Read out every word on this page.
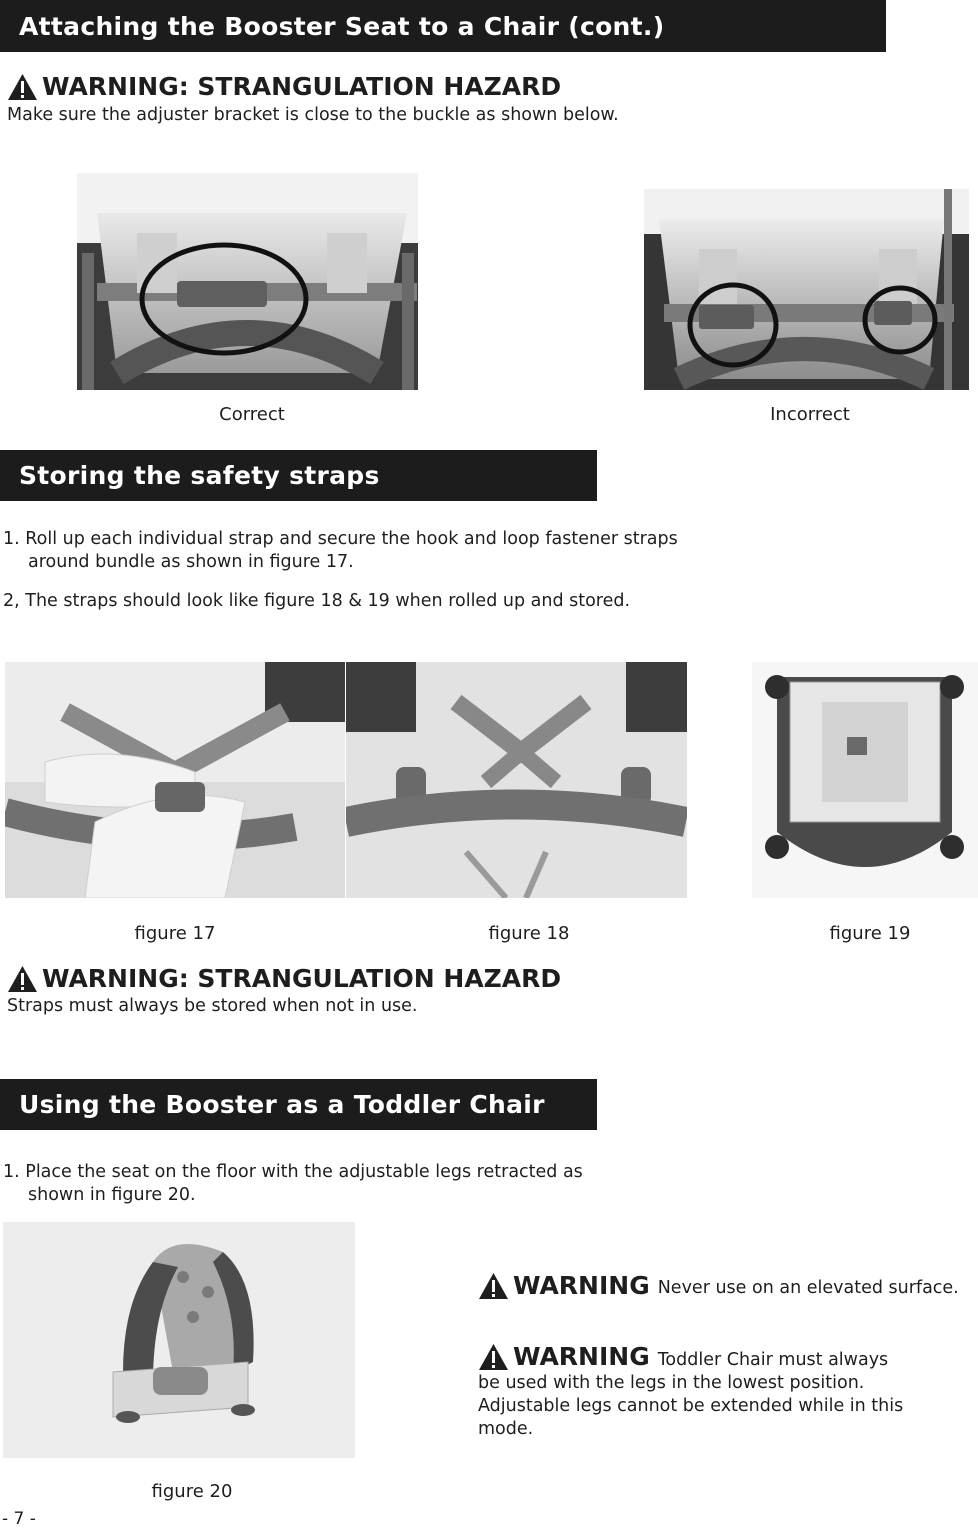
Attaching the Booster Seat to a Chair (cont.)
WARNING: STRANGULATION HAZARD
Make sure the adjuster bracket is close to the buckle as shown below.
Correct	Incorrect
Storing the safety straps
1. Roll up each individual strap and secure the hook and loop fastener straps
around bundle as shown in figure 17.
2, The straps should look like figure 18 & 19 when rolled up and stored.
figure 17	figure 18	figure 19
WARNING: STRANGULATION HAZARD
Straps must always be stored when not in use.
Using the Booster as a Toddler Chair
1. Place the seat on the floor with the adjustable legs retracted as
shown in figure 20.
figure 20
WARNING Never use on an elevated surface.
WARNING Toddler Chair must always
be used with the legs in the lowest position.
Adjustable legs cannot be extended while in this
mode.
- 7 -
